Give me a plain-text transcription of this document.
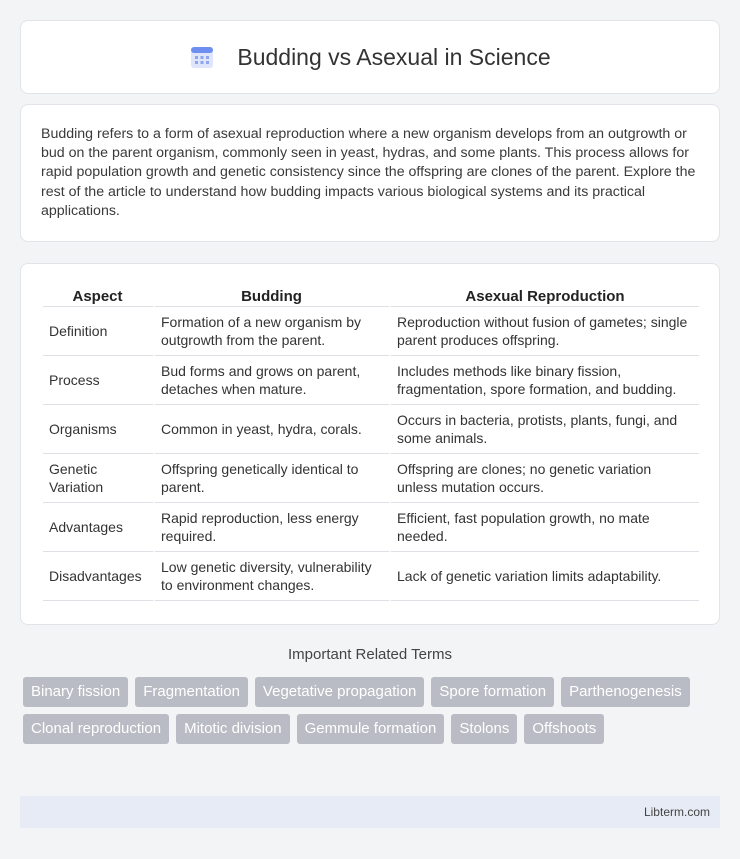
Budding vs Asexual in Science

Budding refers to a form of asexual reproduction where a new organism develops from an outgrowth or bud on the parent organism, commonly seen in yeast, hydras, and some plants. This process allows for rapid population growth and genetic consistency since the offspring are clones of the parent. Explore the rest of the article to understand how budding impacts various biological systems and its practical applications.

Aspect	Budding	Asexual Reproduction
Definition	Formation of a new organism by outgrowth from the parent.	Reproduction without fusion of gametes; single parent produces offspring.
Process	Bud forms and grows on parent, detaches when mature.	Includes methods like binary fission, fragmentation, spore formation, and budding.
Organisms	Common in yeast, hydra, corals.	Occurs in bacteria, protists, plants, fungi, and some animals.
Genetic Variation	Offspring genetically identical to parent.	Offspring are clones; no genetic variation unless mutation occurs.
Advantages	Rapid reproduction, less energy required.	Efficient, fast population growth, no mate needed.
Disadvantages	Low genetic diversity, vulnerability to environment changes.	Lack of genetic variation limits adaptability.
Important Related Terms
Binary fission	Fragmentation	Vegetative propagation	Spore formation	Parthenogenesis
Clonal reproduction	Mitotic division	Gemmule formation	Stolons	Offshoots
Libterm.com
